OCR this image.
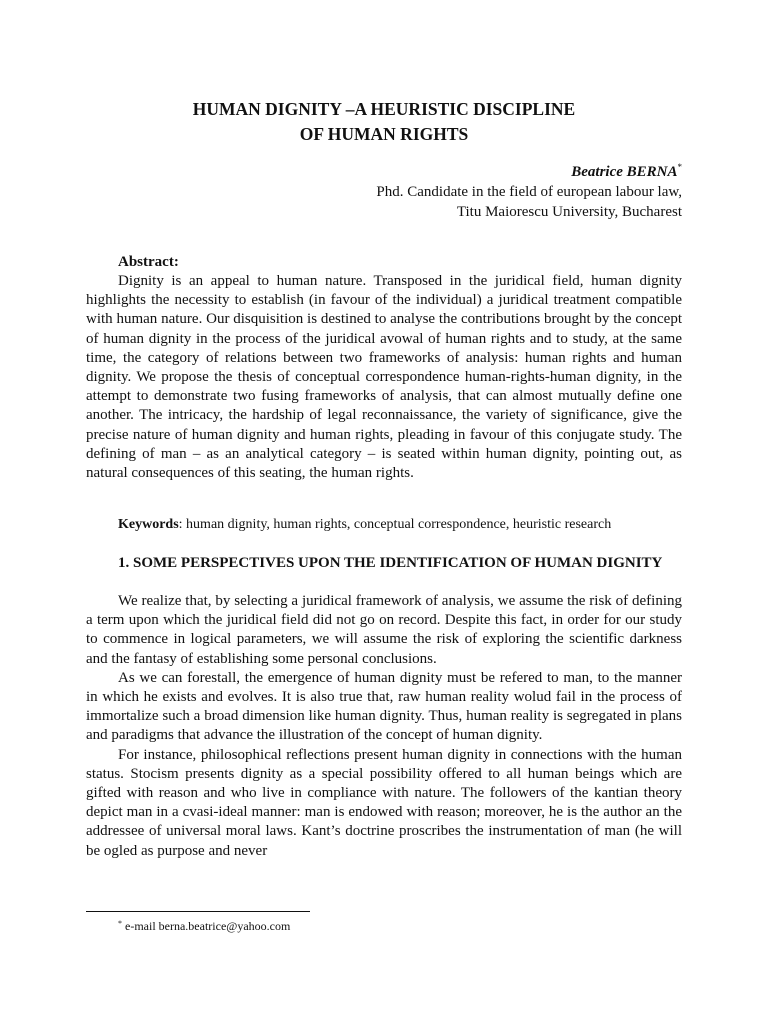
HUMAN DIGNITY –A HEURISTIC DISCIPLINE
OF HUMAN RIGHTS
Beatrice BERNA*
Phd. Candidate in the field of european labour law,
Titu Maiorescu University, Bucharest
Abstract:
Dignity is an appeal to human nature. Transposed in the juridical field, human dignity highlights the necessity to establish (in favour of the individual) a juridical treatment compatible with human nature. Our disquisition is destined to analyse the contributions brought by the concept of human dignity in the process of the juridical avowal of human rights and to study, at the same time, the category of relations between two frameworks of analysis: human rights and human dignity. We propose the thesis of conceptual correspondence human-rights-human dignity, in the attempt to demonstrate two fusing frameworks of analysis, that can almost mutually define one another. The intricacy, the hardship of legal reconnaissance, the variety of significance, give the precise nature of human dignity and human rights, pleading in favour of this conjugate study. The defining of man – as an analytical category – is seated within human dignity, pointing out, as natural consequences of this seating, the human rights.
Keywords: human dignity, human rights, conceptual correspondence, heuristic research
1. SOME PERSPECTIVES UPON THE IDENTIFICATION OF HUMAN DIGNITY

We realize that, by selecting a juridical framework of analysis, we assume the risk of defining a term upon which the juridical field did not go on record. Despite this fact, in order for our study to commence in logical parameters, we will assume the risk of exploring the scientific darkness and the fantasy of establishing some personal conclusions.

As we can forestall, the emergence of human dignity must be refered to man, to the manner in which he exists and evolves. It is also true that, raw human reality wolud fail in the process of immortalize such a broad dimension like human dignity. Thus, human reality is segregated in plans and paradigms that advance the illustration of the concept of human dignity.

For instance, philosophical reflections present human dignity in connections with the human status. Stocism presents dignity as a special possibility offered to all human beings which are gifted with reason and who live in compliance with nature. The followers of the kantian theory depict man in a cvasi-ideal manner: man is endowed with reason; moreover, he is the author an the addressee of universal moral laws. Kant’s doctrine proscribes the instrumentation of man (he will be ogled as purpose and never

* e-mail berna.beatrice@yahoo.com
